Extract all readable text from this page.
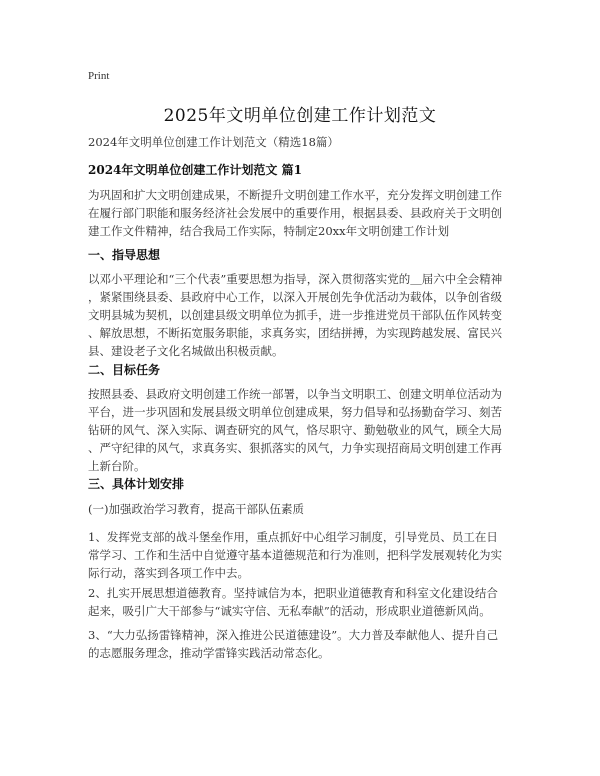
Print
2025年文明单位创建工作计划范文
2024年文明单位创建工作计划范文（精选18篇）
2024年文明单位创建工作计划范文 篇1
为巩固和扩大文明创建成果，不断提升文明创建工作水平，充分发挥文明创建工作
在履行部门职能和服务经济社会发展中的重要作用，根据县委、县政府关于文明创
建工作文件精神，结合我局工作实际，特制定20xx年文明创建工作计划
一、指导思想
以邓小平理论和“三个代表”重要思想为指导，深入贯彻落实党的＿届六中全会精神
，紧紧围绕县委、县政府中心工作，以深入开展创先争优活动为载体，以争创省级
文明县城为契机，以创建县级文明单位为抓手，进一步推进党员干部队伍作风转变
、解放思想，不断拓宽服务职能，求真务实，团结拼搏，为实现跨越发展、富民兴
县、建设老子文化名城做出积极贡献。
二、目标任务
按照县委、县政府文明创建工作统一部署，以争当文明职工、创建文明单位活动为
平台，进一步巩固和发展县级文明单位创建成果，努力倡导和弘扬勤奋学习、刻苦
钻研的风气、深入实际、调查研究的风气，恪尽职守、勤勉敬业的风气，顾全大局
、严守纪律的风气，求真务实、狠抓落实的风气，力争实现招商局文明创建工作再
上新台阶。
三、具体计划安排
(一)加强政治学习教育，提高干部队伍素质
1、发挥党支部的战斗堡垒作用，重点抓好中心组学习制度，引导党员、员工在日
常学习、工作和生活中自觉遵守基本道德规范和行为准则，把科学发展观转化为实
际行动，落实到各项工作中去。
2、扎实开展思想道德教育。坚持诚信为本，把职业道德教育和科室文化建设结合
起来，吸引广大干部参与“诚实守信、无私奉献”的活动，形成职业道德新风尚。
3、“大力弘扬雷锋精神，深入推进公民道德建设”。大力普及奉献他人、提升自己
的志愿服务理念，推动学雷锋实践活动常态化。
